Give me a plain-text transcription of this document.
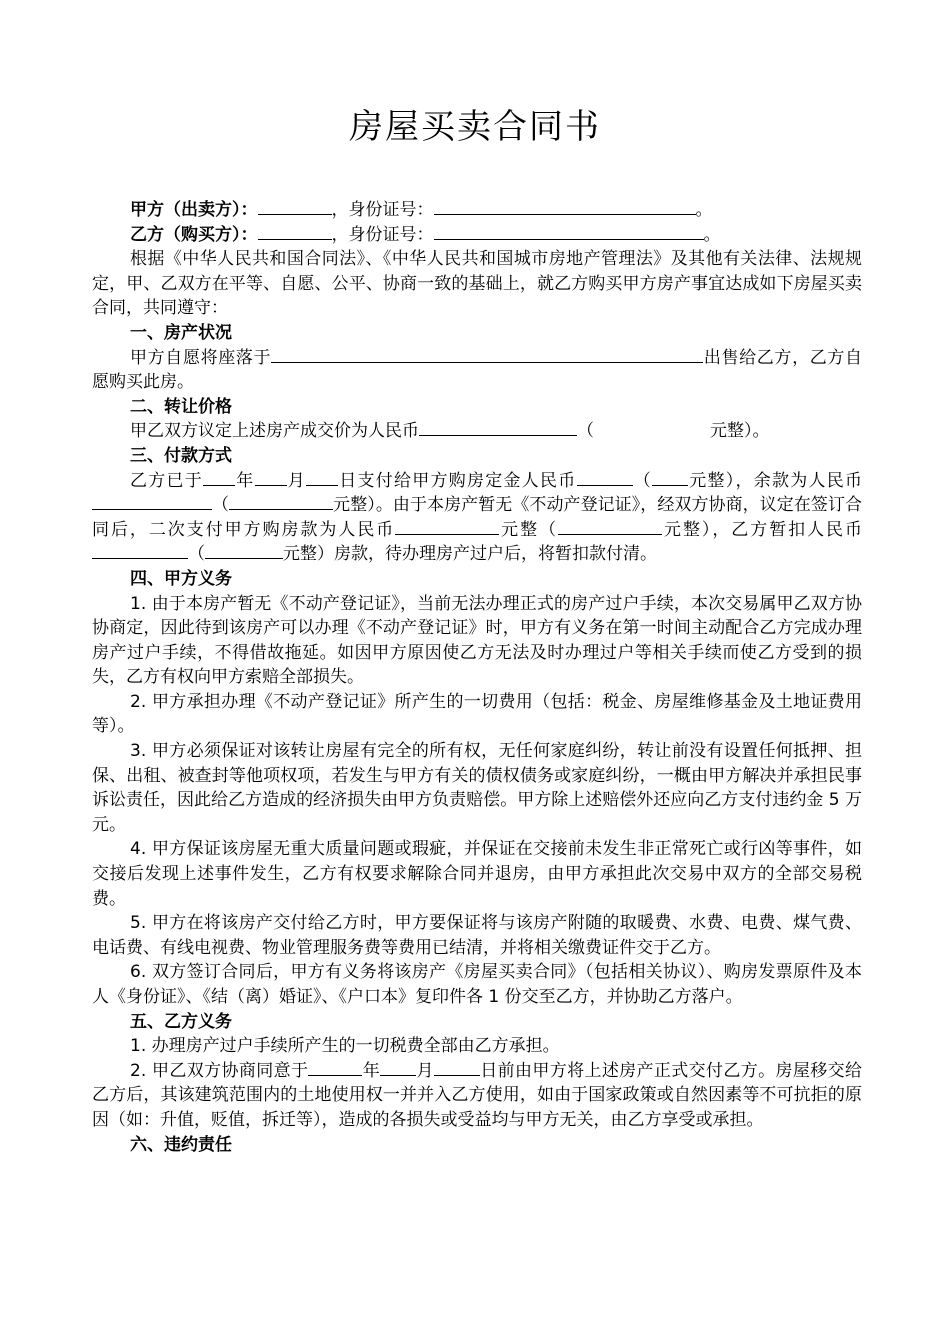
房屋买卖合同书

甲方（出卖方）：	，身份证号：	。

乙方（购买方）：	，身份证号：	。

根据《中华人民共和国合同法》、《中华人民共和国城市房地产管理法》及其他有关法律、法规规定，甲、乙双方在平等、自愿、公平、协商一致的基础上，就乙方购买甲方房产事宜达成如下房屋买卖合同，共同遵守：

一、房产状况

甲方自愿将座落于	出售给乙方，乙方自愿购买此房。

二、转让价格

甲乙双方议定上述房产成交价为人民币	（	元整）。

三、付款方式

乙方已于 年 月 日支付给甲方购房定金人民币	（ 元整），余款为人民币（	元整）。由于本房产暂无《不动产登记证》，经双方协商，议定在签订合同后，二次支付甲方购房款为人民币	元整（	元整），乙方暂扣人民币（	元整）房款，待办理房产过户后，将暂扣款付清。

四、甲方义务

1. 由于本房产暂无《不动产登记证》，当前无法办理正式的房产过户手续，本次交易属甲乙双方协协商定，因此待到该房产可以办理《不动产登记证》时，甲方有义务在第一时间主动配合乙方完成办理房产过户手续，不得借故拖延。如因甲方原因使乙方无法及时办理过户等相关手续而使乙方受到的损失，乙方有权向甲方索赔全部损失。

2. 甲方承担办理《不动产登记证》所产生的一切费用（包括：税金、房屋维修基金及土地证费用等）。

3. 甲方必须保证对该转让房屋有完全的所有权，无任何家庭纠纷，转让前没有设置任何抵押、担保、出租、被查封等他项权项，若发生与甲方有关的债权债务或家庭纠纷，一概由甲方解决并承担民事诉讼责任，因此给乙方造成的经济损失由甲方负责赔偿。甲方除上述赔偿外还应向乙方支付违约金 5 万元。

4. 甲方保证该房屋无重大质量问题或瑕疵，并保证在交接前未发生非正常死亡或行凶等事件，如交接后发现上述事件发生，乙方有权要求解除合同并退房，由甲方承担此次交易中双方的全部交易税费。

5. 甲方在将该房产交付给乙方时，甲方要保证将与该房产附随的取暖费、水费、电费、煤气费、电话费、有线电视费、物业管理服务费等费用已结清，并将相关缴费证件交于乙方。

6. 双方签订合同后，甲方有义务将该房产《房屋买卖合同》（包括相关协议）、购房发票原件及本人《身份证》、《结（离）婚证》、《户口本》复印件各 1 份交至乙方，并协助乙方落户。

五、乙方义务

1. 办理房产过户手续所产生的一切税费全部由乙方承担。

2. 甲乙双方协商同意于	年 月	日前由甲方将上述房产正式交付乙方。房屋移交给乙方后，其该建筑范围内的土地使用权一并并入乙方使用，如由于国家政策或自然因素等不可抗拒的原因（如：升值，贬值，拆迁等），造成的各损失或受益均与甲方无关，由乙方享受或承担。

六、违约责任
